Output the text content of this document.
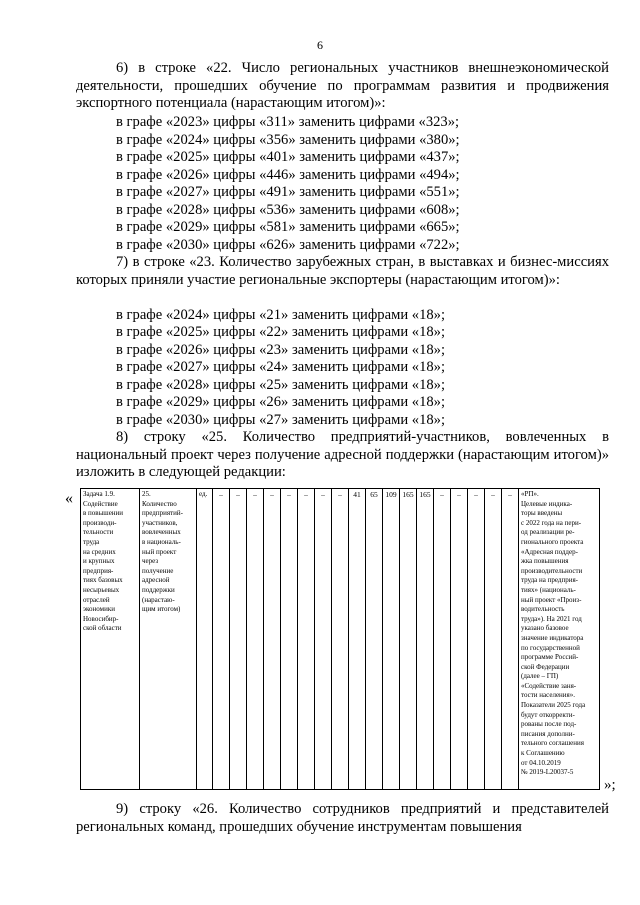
6
6) в строке «22. Число региональных участников внешнеэкономической деятельности, прошедших обучение по программам развития и продвижения экспортного потенциала (нарастающим итогом)»:
в графе «2023» цифры «311» заменить цифрами «323»;
в графе «2024» цифры «356» заменить цифрами «380»;
в графе «2025» цифры «401» заменить цифрами «437»;
в графе «2026» цифры «446» заменить цифрами «494»;
в графе «2027» цифры «491» заменить цифрами «551»;
в графе «2028» цифры «536» заменить цифрами «608»;
в графе «2029» цифры «581» заменить цифрами «665»;
в графе «2030» цифры «626» заменить цифрами «722»;
7) в строке «23. Количество зарубежных стран, в выставках и бизнес-миссиях которых приняли участие региональные экспортеры (нарастающим итогом)»:
в графе «2024» цифры «21» заменить цифрами «18»;
в графе «2025» цифры «22» заменить цифрами «18»;
в графе «2026» цифры «23» заменить цифрами «18»;
в графе «2027» цифры «24» заменить цифрами «18»;
в графе «2028» цифры «25» заменить цифрами «18»;
в графе «2029» цифры «26» заменить цифрами «18»;
в графе «2030» цифры «27» заменить цифрами «18»;
8) строку «25. Количество предприятий-участников, вовлеченных в национальный проект через получение адресной поддержки (нарастающим итогом)» изложить в следующей редакции:
« Задача 1.9.
Содействие
в повышении
производи-
тельности
труда
на средних
и крупных
предприя-
тиях базовых
несырьевых
отраслей
экономики
Новосибир-
ской области	25.
Количество
предприятий-
участников,
вовлеченных
в националь-
ный проект
через
получение
адресной
поддержки
(нарастаю-
щим итогом)	ед.	–	–	–	–	–	–	–	–	41	65	109	165	165	–	–	–	–	–	«РП».
Целевые индика-
торы введены
с 2022 года на пери-
од реализации ре-
гионального проекта
«Адресная поддер-
жка повышения
производительности
труда на предприя-
тиях» (националь-
ный проект «Произ-
водительность
труда»). На 2021 год
указано базовое
значение индикатора
по государственной
программе Россий-
ской Федерации
(далее – ГП)
«Содействие заня-
тости населения».
Показатели 2025 года
будут откорректи-
рованы после под-
писания дополни-
тельного соглашения
к Соглашению
от 04.10.2019
№ 2019-L20037-5
»;
9) строку «26. Количество сотрудников предприятий и представителей региональных команд, прошедших обучение инструментам повышения
